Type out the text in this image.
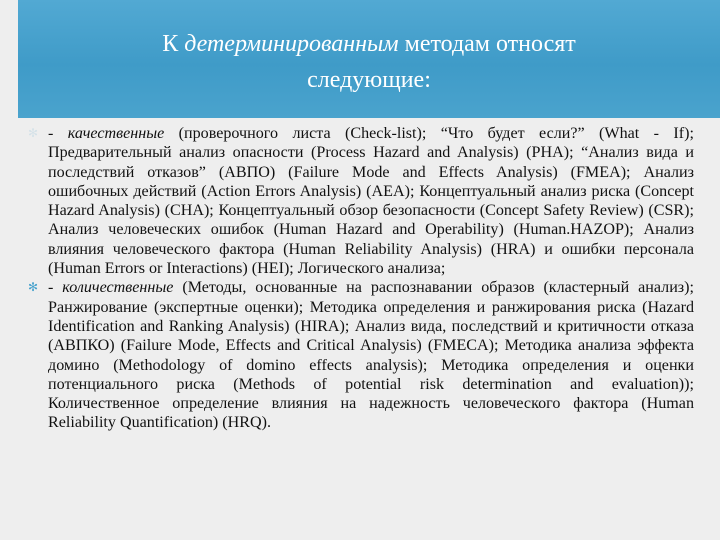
К детерминированным методам относят
следующие:

✻ - качественные (проверочного листа (Check-list); “Что будет если?” (What - If); Предварительный анализ опасности (Process Hazard and Analysis) (PHA); “Анализ вида и последствий отказов” (АВПО) (Failure Mode and Effects Analysis) (FMEA); Анализ ошибочных действий (Action Errors Analysis) (AEA); Концептуальный анализ риска (Concept Hazard Analysis) (CHA); Концептуальный обзор безопасности (Concept Safety Review) (CSR); Анализ человеческих ошибок (Human Hazard and Operability) (Human.HAZOP); Анализ влияния человеческого фактора (Human Reliability Analysis) (HRA) и ошибки персонала (Human Errors or Interactions) (HEI); Логического анализа;

✻ - количественные (Методы, основанные на распознавании образов (кластерный анализ); Ранжирование (экспертные оценки); Методика определения и ранжирования риска (Hazard Identification and Ranking Analysis) (HIRA); Анализ вида, последствий и критичности отказа (АВПКО) (Failure Mode, Effects and Critical Analysis) (FMECA); Методика анализа эффекта домино (Methodology of domino effects analysis); Методика определения и оценки потенциального риска (Methods of potential risk determination and evaluation)); Количественное определение влияния на надежность человеческого фактора (Human Reliability Quantification) (HRQ).
